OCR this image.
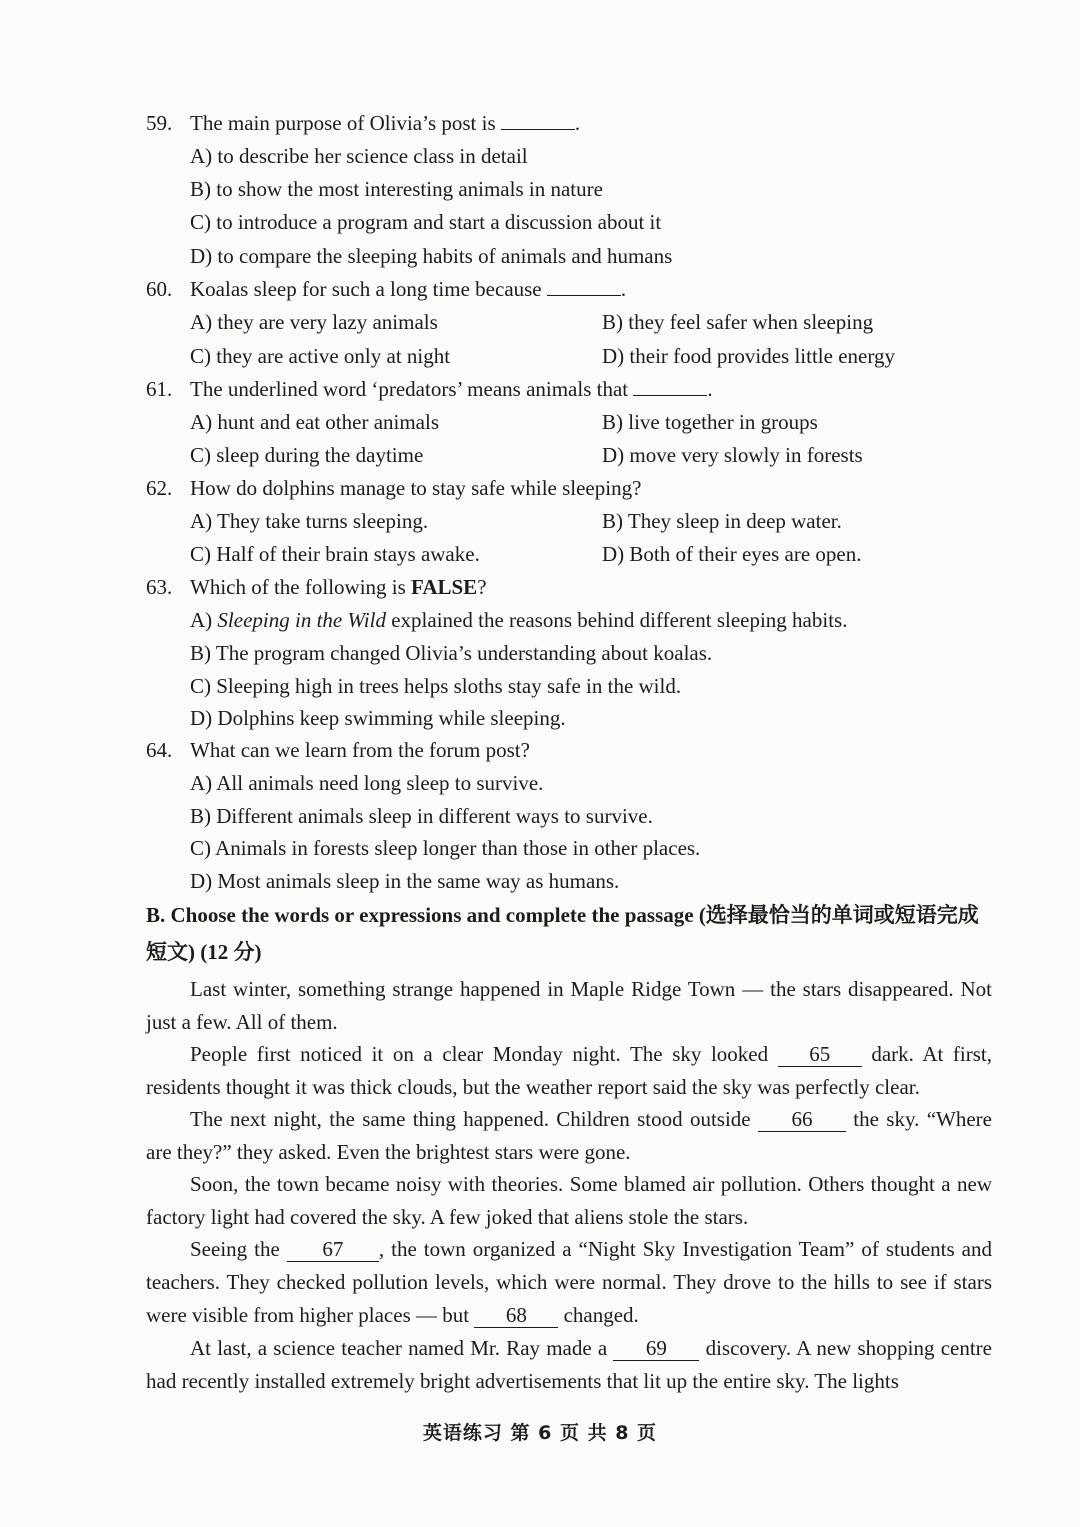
59. The main purpose of Olivia’s post is	.
A) to describe her science class in detail
B) to show the most interesting animals in nature
C) to introduce a program and start a discussion about it
D) to compare the sleeping habits of animals and humans
60. Koalas sleep for such a long time because	.
A) they are very lazy animals	B) they feel safer when sleeping
C) they are active only at night	D) their food provides little energy
61. The underlined word ‘predators’ means animals that	.
A) hunt and eat other animals	B) live together in groups
C) sleep during the daytime	D) move very slowly in forests
62. How do dolphins manage to stay safe while sleeping?
A) They take turns sleeping.	B) They sleep in deep water.
C) Half of their brain stays awake.	D) Both of their eyes are open.
63. Which of the following is FALSE?
A) Sleeping in the Wild explained the reasons behind different sleeping habits.
B) The program changed Olivia’s understanding about koalas.
C) Sleeping high in trees helps sloths stay safe in the wild.
D) Dolphins keep swimming while sleeping.
64. What can we learn from the forum post?
A) All animals need long sleep to survive.
B) Different animals sleep in different ways to survive.
C) Animals in forests sleep longer than those in other places.
D) Most animals sleep in the same way as humans.
B. Choose the words or expressions and complete the passage (选择最恰当的单词或短语完成短文) (12 分)
Last winter, something strange happened in Maple Ridge Town — the stars disappeared. Not just a few. All of them.
People first noticed it on a clear Monday night. The sky looked 65 dark. At first, residents thought it was thick clouds, but the weather report said the sky was perfectly clear.
The next night, the same thing happened. Children stood outside 66 the sky. “Where are they?” they asked. Even the brightest stars were gone.
Soon, the town became noisy with theories. Some blamed air pollution. Others thought a new factory light had covered the sky. A few joked that aliens stole the stars.
Seeing the 67 , the town organized a “Night Sky Investigation Team” of students and teachers. They checked pollution levels, which were normal. They drove to the hills to see if stars were visible from higher places — but 68 changed.
At last, a science teacher named Mr. Ray made a 69 discovery. A new shopping centre had recently installed extremely bright advertisements that lit up the entire sky. The lights
英语练习 第 6 页 共 8 页
